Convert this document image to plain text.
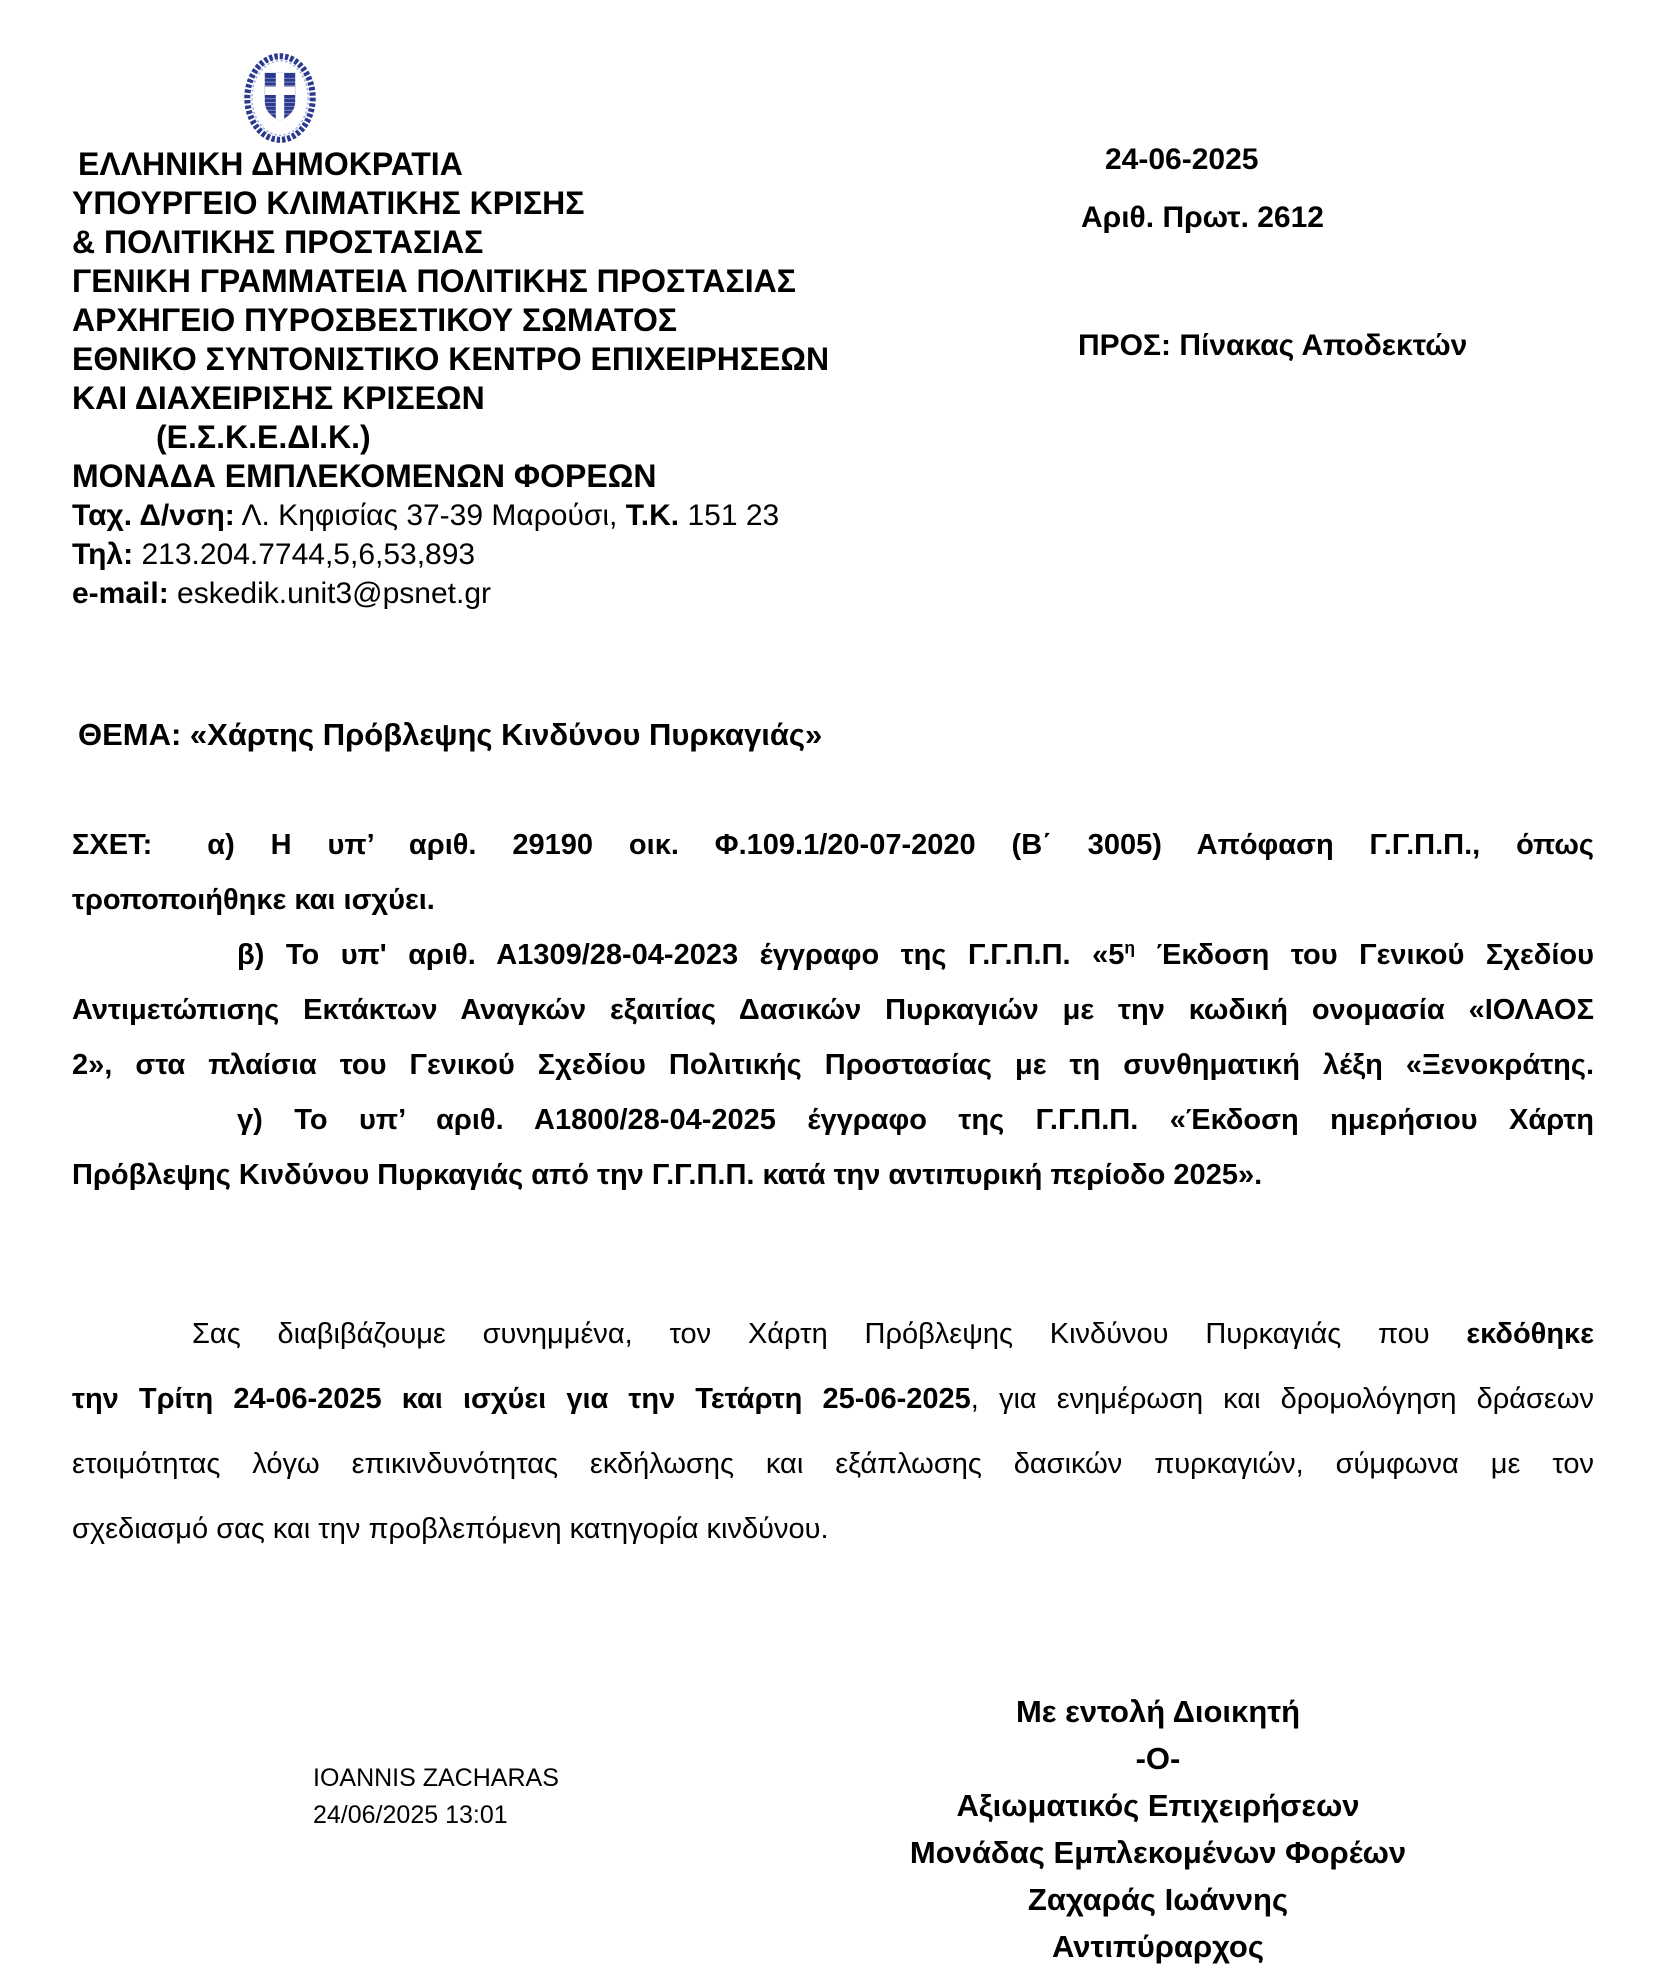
ΕΛΛΗΝΙΚΗ ΔΗΜΟΚΡΑΤΙΑ
ΥΠΟΥΡΓΕΙΟ ΚΛΙΜΑΤΙΚΗΣ ΚΡΙΣΗΣ
& ΠΟΛΙΤΙΚΗΣ ΠΡΟΣΤΑΣΙΑΣ
ΓΕΝΙΚΗ ΓΡΑΜΜΑΤΕΙΑ ΠΟΛΙΤΙΚΗΣ ΠΡΟΣΤΑΣΙΑΣ
ΑΡΧΗΓΕΙΟ ΠΥΡΟΣΒΕΣΤΙΚΟΥ ΣΩΜΑΤΟΣ
ΕΘΝΙΚΟ ΣΥΝΤΟΝΙΣΤΙΚΟ ΚΕΝΤΡΟ ΕΠΙΧΕΙΡΗΣΕΩΝ
ΚΑΙ ΔΙΑΧΕΙΡΙΣΗΣ ΚΡΙΣΕΩΝ
(Ε.Σ.Κ.Ε.ΔΙ.Κ.)
ΜΟΝΑΔΑ ΕΜΠΛΕΚΟΜΕΝΩΝ ΦΟΡΕΩΝ
Ταχ. Δ/νση: Λ. Κηφισίας 37-39 Μαρούσι, Τ.Κ. 151 23
Τηλ: 213.204.7744,5,6,53,893
e-mail: eskedik.unit3@psnet.gr
24-06-2025
Αριθ. Πρωτ. 2612
ΠΡΟΣ: Πίνακας Αποδεκτών
ΘΕΜΑ: «Χάρτης Πρόβλεψης Κινδύνου Πυρκαγιάς»
ΣΧΕΤ: α) Η υπ’ αριθ. 29190 οικ. Φ.109.1/20-07-2020 (Β΄ 3005) Απόφαση Γ.Γ.Π.Π., όπως
τροποποιήθηκε και ισχύει.
β) Το υπ' αριθ. Α1309/28-04-2023 έγγραφο της Γ.Γ.Π.Π. «$5^\eta$ Έκδοση του Γενικού Σχεδίου
Αντιμετώπισης Εκτάκτων Αναγκών εξαιτίας Δασικών Πυρκαγιών με την κωδική ονομασία «ΙΟΛΑΟΣ
2», στα πλαίσια του Γενικού Σχεδίου Πολιτικής Προστασίας με τη συνθηματική λέξη «Ξενοκράτης.
γ) Το υπ’ αριθ. Α1800/28-04-2025 έγγραφο της Γ.Γ.Π.Π. «Έκδοση ημερήσιου Χάρτη
Πρόβλεψης Κινδύνου Πυρκαγιάς από την Γ.Γ.Π.Π. κατά την αντιπυρική περίοδο 2025».
Σας διαβιβάζουμε συνημμένα, τον Χάρτη Πρόβλεψης Κινδύνου Πυρκαγιάς που εκδόθηκε
την Τρίτη 24-06-2025 και ισχύει για την Τετάρτη 25-06-2025, για ενημέρωση και δρομολόγηση δράσεων
ετοιμότητας λόγω επικινδυνότητας εκδήλωσης και εξάπλωσης δασικών πυρκαγιών, σύμφωνα με τον
σχεδιασμό σας και την προβλεπόμενη κατηγορία κινδύνου.
IOANNIS ZACHARAS
24/06/2025 13:01
Με εντολή Διοικητή
-Ο-
Αξιωματικός Επιχειρήσεων
Μονάδας Εμπλεκομένων Φορέων
Ζαχαράς Ιωάννης
Αντιπύραρχος
